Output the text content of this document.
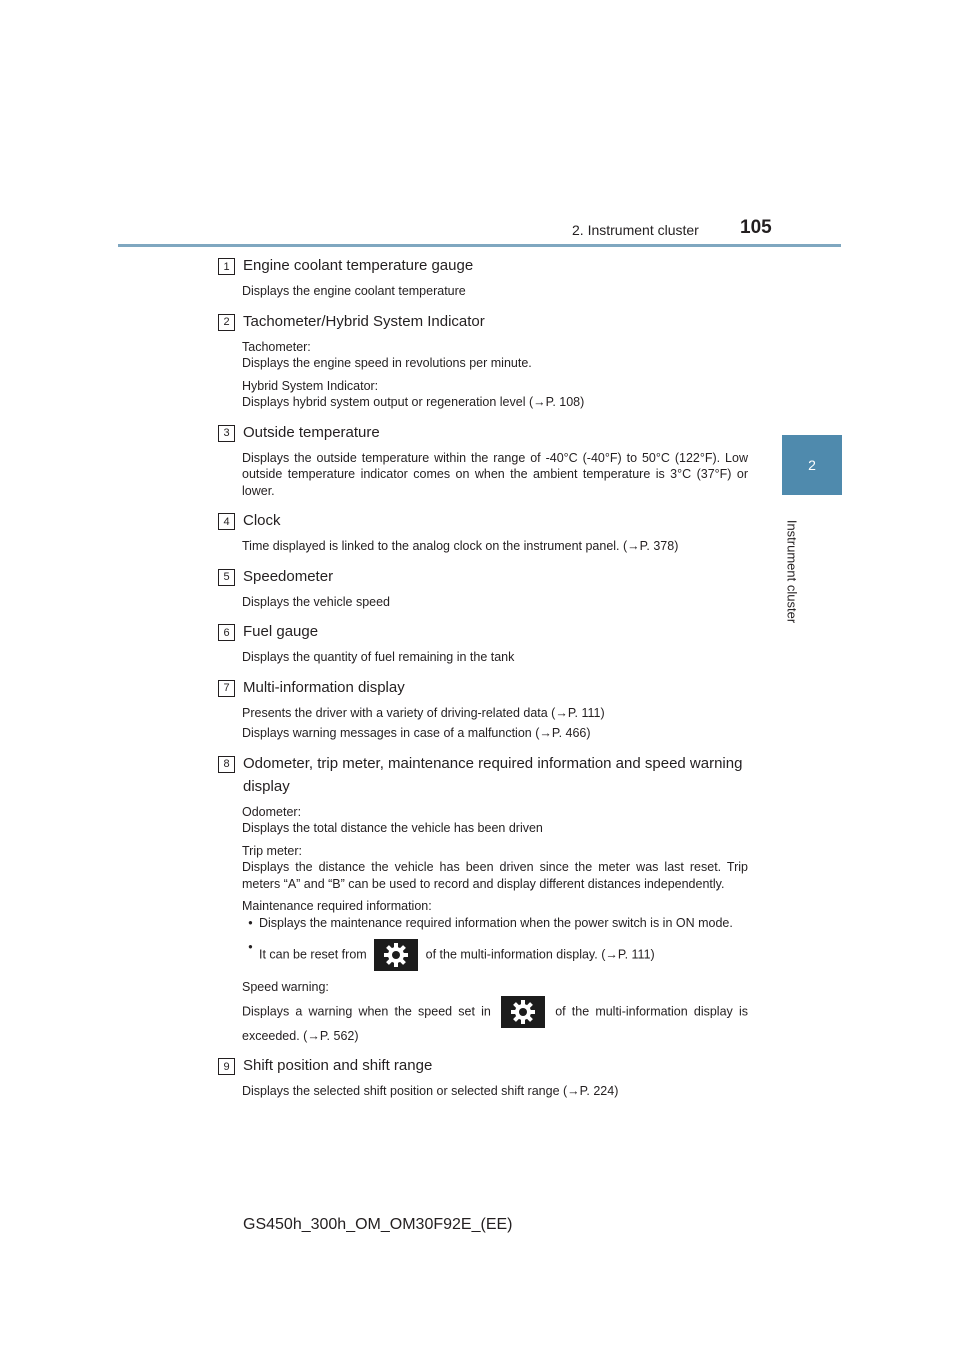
2. Instrument cluster 105
2
Instrument cluster
1 Engine coolant temperature gauge

Displays the engine coolant temperature

2 Tachometer/Hybrid System Indicator

Tachometer:

Displays the engine speed in revolutions per minute.

Hybrid System Indicator:

Displays hybrid system output or regeneration level (→P. 108)

3 Outside temperature

Displays the outside temperature within the range of -40°C (-40°F) to 50°C (122°F). Low outside temperature indicator comes on when the ambient temperature is 3°C (37°F) or lower.

4 Clock

Time displayed is linked to the analog clock on the instrument panel. (→P. 378)

5 Speedometer

Displays the vehicle speed

6 Fuel gauge

Displays the quantity of fuel remaining in the tank

7 Multi-information display

Presents the driver with a variety of driving-related data (→P. 111)

Displays warning messages in case of a malfunction (→P. 466)

8 Odometer, trip meter, maintenance required information and speed warning display

Odometer:

Displays the total distance the vehicle has been driven

Trip meter:

Displays the distance the vehicle has been driven since the meter was last reset. Trip meters “A” and “B” can be used to record and display different distances independently.

Maintenance required information:

• Displays the maintenance required information when the power switch is in ON mode.
•
It can be reset from	of the multi-information display. (→P. 111)

Speed warning:

Displays a warning when the speed set in	of the multi-information display is exceeded. (→P. 562)

9 Shift position and shift range

Displays the selected shift position or selected shift range (→P. 224)

GS450h_300h_OM_OM30F92E_(EE)
